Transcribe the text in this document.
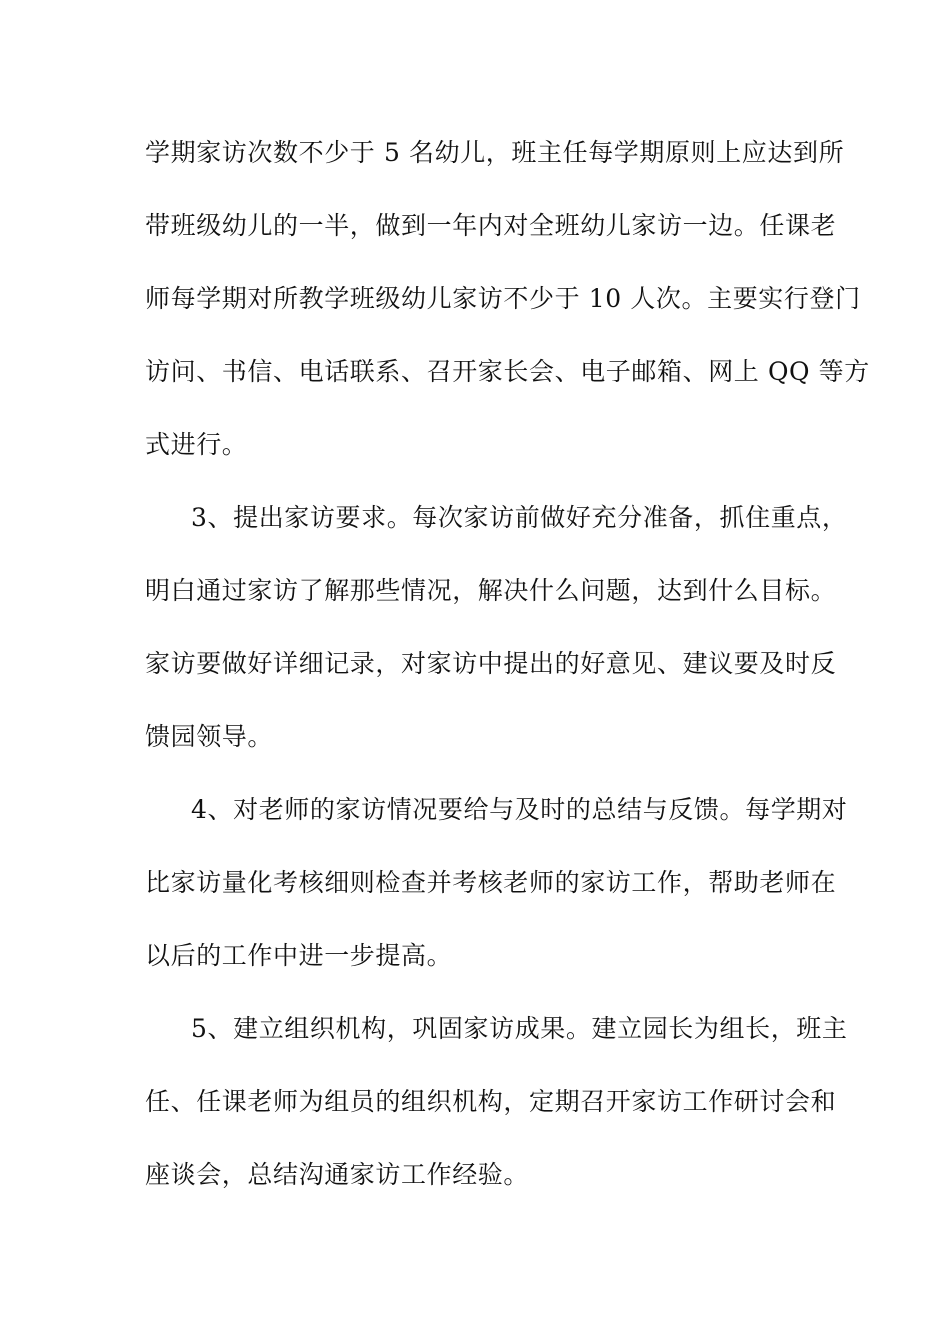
学期家访次数不少于 5 名幼儿，班主任每学期原则上应达到所
带班级幼儿的一半，做到一年内对全班幼儿家访一边。任课老
师每学期对所教学班级幼儿家访不少于 10 人次。主要实行登门
访问、书信、电话联系、召开家长会、电子邮箱、网上 QQ 等方
式进行。
3、提出家访要求。每次家访前做好充分准备，抓住重点，
明白通过家访了解那些情况，解决什么问题，达到什么目标。
家访要做好详细记录，对家访中提出的好意见、建议要及时反
馈园领导。
4、对老师的家访情况要给与及时的总结与反馈。每学期对
比家访量化考核细则检查并考核老师的家访工作，帮助老师在
以后的工作中进一步提高。
5、建立组织机构，巩固家访成果。建立园长为组长，班主
任、任课老师为组员的组织机构，定期召开家访工作研讨会和
座谈会，总结沟通家访工作经验。
